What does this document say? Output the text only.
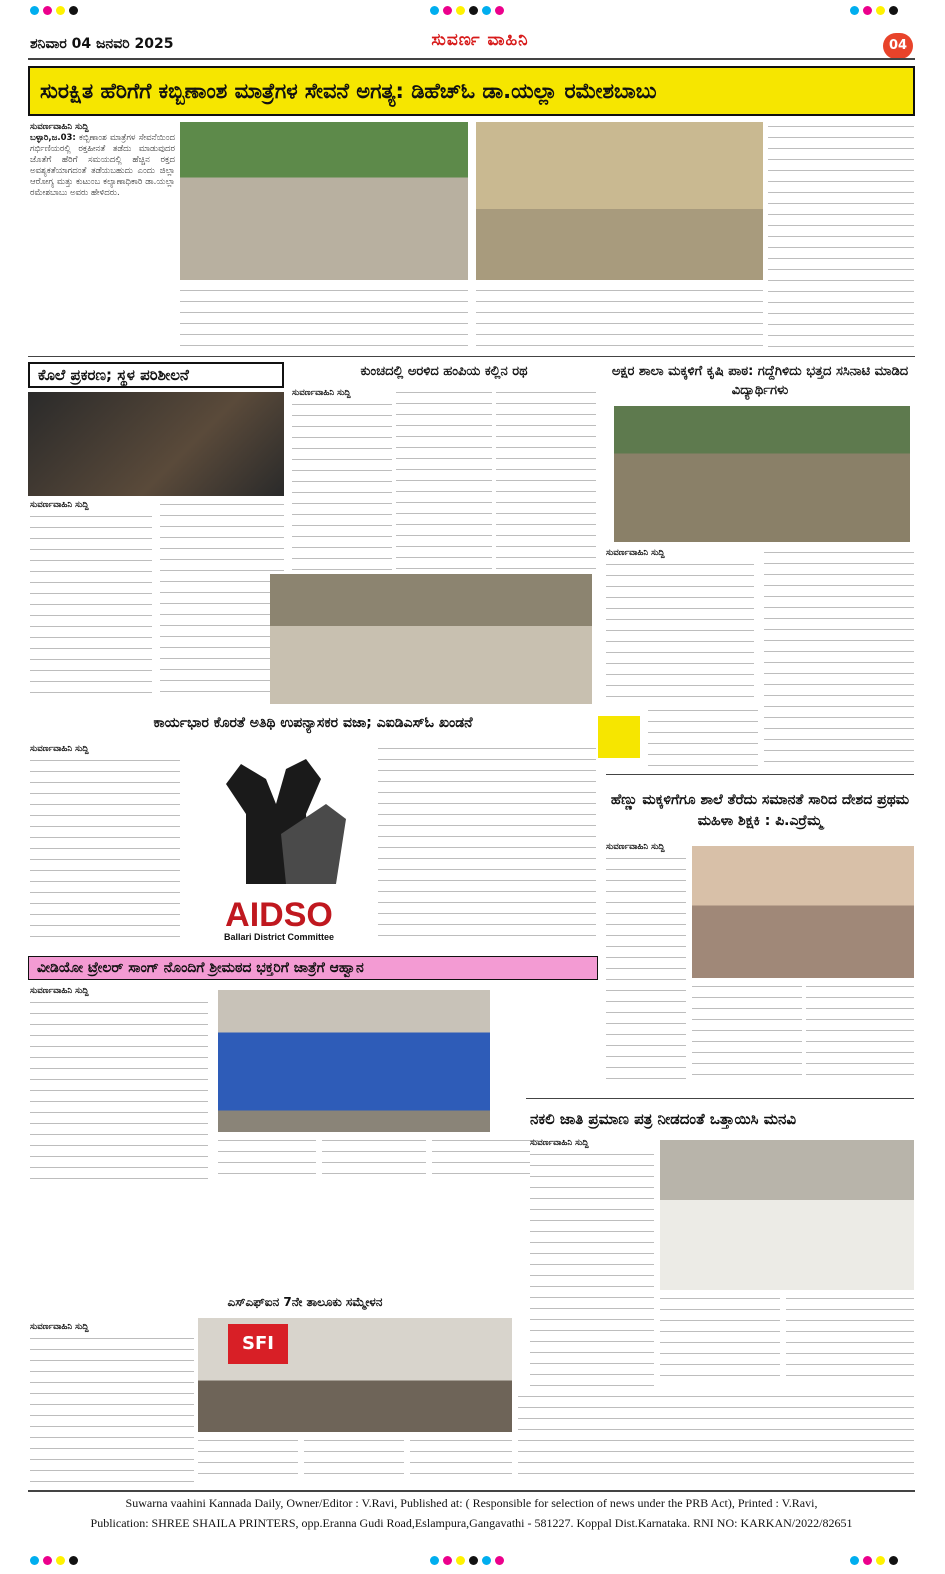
ಶನಿವಾರ 04 ಜನವರಿ 2025	ಸುವರ್ಣ ವಾಹಿನಿ	04
ಸುರಕ್ಷಿತ ಹೆರಿಗೆಗೆ ಕಬ್ಬಿಣಾಂಶ ಮಾತ್ರೆಗಳ ಸೇವನೆ ಅಗತ್ಯ: ಡಿಹೆಚ್‌ಓ ಡಾ.ಯಲ್ಲಾ ರಮೇಶಬಾಬು
ಸುವರ್ಣವಾಹಿನಿ ಸುದ್ದಿ
ಬಳ್ಳಾರಿ,ಜ.03: ಕಬ್ಬಿಣಾಂಶ ಮಾತ್ರೆಗಳ ಸೇವನೆಯಿಂದ ಗರ್ಭಿಣಿಯರಲ್ಲಿ ರಕ್ತಹೀನತೆ ತಡೆದು ಮಾಡುವುದರ ಜೊತೆಗೆ ಹೆರಿಗೆ ಸಮಯದಲ್ಲಿ ಹೆಚ್ಚಿನ ರಕ್ತದ ಅವಶ್ಯಕತೆಯಾಗದಂತೆ ತಡೆಯಬಹುದು ಎಂದು ಜಿಲ್ಲಾ ಆರೋಗ್ಯ ಮತ್ತು ಕುಟುಂಬ ಕಲ್ಯಾಣಾಧಿಕಾರಿ ಡಾ.ಯಲ್ಲಾ ರಮೇಶಬಾಬು ಅವರು ಹೇಳಿದರು.
ಕೊಲೆ ಪ್ರಕರಣ; ಸ್ಥಳ ಪರಿಶೀಲನೆ
ಸುವರ್ಣವಾಹಿನಿ ಸುದ್ದಿ
ಕುಂಚದಲ್ಲಿ ಅರಳಿದ ಹಂಪಿಯ ಕಲ್ಲಿನ ರಥ
ಸುವರ್ಣವಾಹಿನಿ ಸುದ್ದಿ
ಅಕ್ಷರ ಶಾಲಾ ಮಕ್ಕಳಿಗೆ ಕೃಷಿ ಪಾಠ: ಗದ್ದೆಗಿಳಿದು ಭತ್ತದ ಸಸಿನಾಟಿ ಮಾಡಿದ ವಿದ್ಯಾರ್ಥಿಗಳು
ಸುವರ್ಣವಾಹಿನಿ ಸುದ್ದಿ
ಕಾರ್ಯಭಾರ ಕೊರತೆ ಅತಿಥಿ ಉಪನ್ಯಾಸಕರ ವಜಾ; ಎಐಡಿಎಸ್‌ಓ ಖಂಡನೆ
ಸುವರ್ಣವಾಹಿನಿ ಸುದ್ದಿ
AIDSO
Ballari District Committee
ಹೆಣ್ಣು ಮಕ್ಕಳಿಗೆಗೂ ಶಾಲೆ ತೆರೆದು ಸಮಾನತೆ ಸಾರಿದ ದೇಶದ ಪ್ರಥಮ ಮಹಿಳಾ ಶಿಕ್ಷಕಿ : ಪಿ.ಎರ್ರೆಮ್ಮ
ಸುವರ್ಣವಾಹಿನಿ ಸುದ್ದಿ
ವೀಡಿಯೋ ಟ್ರೇಲರ್ ಸಾಂಗ್ ನೊಂದಿಗೆ ಶ್ರೀಮಠದ ಭಕ್ತರಿಗೆ ಜಾತ್ರೆಗೆ ಆಹ್ವಾನ
ಸುವರ್ಣವಾಹಿನಿ ಸುದ್ದಿ
ನಕಲಿ ಜಾತಿ ಪ್ರಮಾಣ ಪತ್ರ ನೀಡದಂತೆ ಒತ್ತಾಯಿಸಿ ಮನವಿ
ಸುವರ್ಣವಾಹಿನಿ ಸುದ್ದಿ
ಎಸ್‌ಎಫ್‌ಐನ 7ನೇ ತಾಲೂಕು ಸಮ್ಮೇಳನ
ಸುವರ್ಣವಾಹಿನಿ ಸುದ್ದಿ
SFI
Suwarna vaahini Kannada Daily, Owner/Editor : V.Ravi, Published at: ( Responsible for selection of news under the PRB Act), Printed : V.Ravi,
Publication: SHREE SHAILA PRINTERS, opp.Eranna Gudi Road,Eslampura,Gangavathi - 581227. Koppal Dist.Karnataka. RNI NO: KARKAN/2022/82651
